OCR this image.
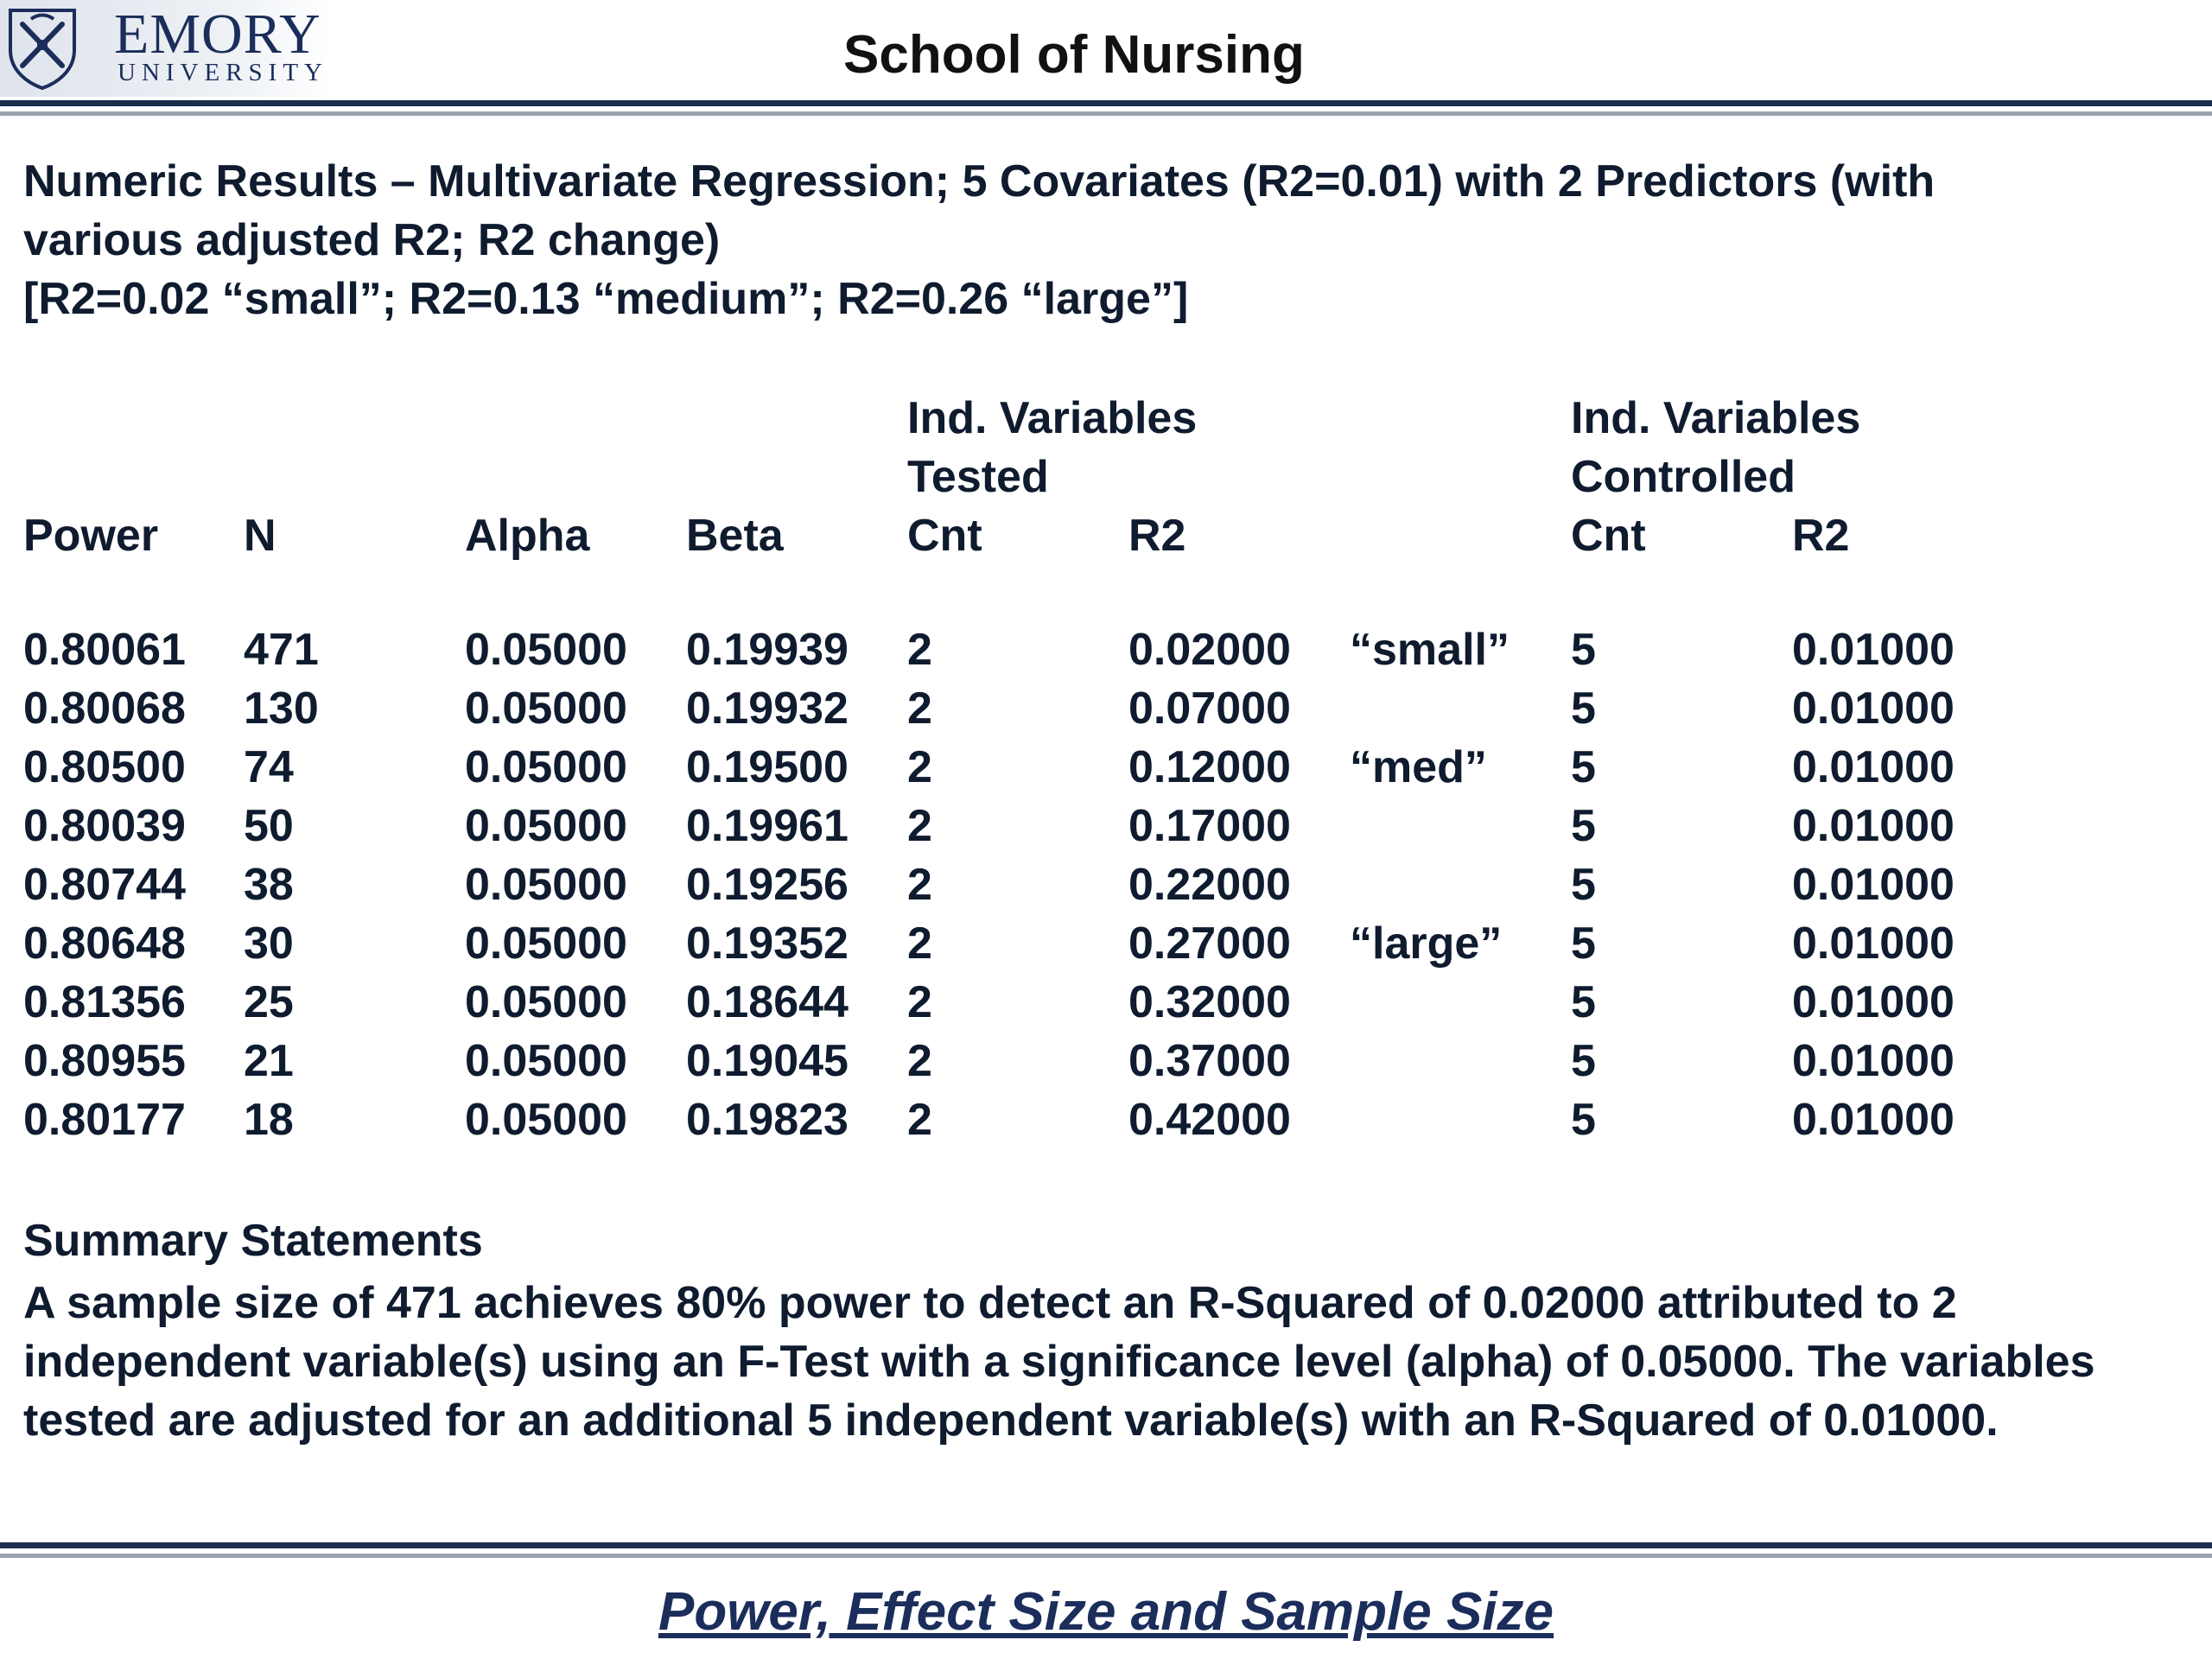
EMORY
UNIVERSITY	School of Nursing
Numeric Results – Multivariate Regression; 5 Covariates (R2=0.01) with 2 Predictors (with
various adjusted R2; R2 change)
[R2=0.02 “small”; R2=0.13 “medium”; R2=0.26 “large”]
Ind. Variables
Tested
Ind. Variables
Controlled
Power N	Alpha Beta	Cnt	R2	Cnt	R2
0.80061 471	0.05000 0.19939 2	0.02000 “small” 5	0.01000
0.80068 130	0.05000 0.19932 2	0.07000	5	0.01000
0.80500 74	0.05000 0.19500 2	0.12000 “med” 5	0.01000
0.80039 50	0.05000 0.19961 2	0.17000	5	0.01000
0.80744 38	0.05000 0.19256 2	0.22000	5	0.01000
0.80648 30	0.05000 0.19352 2	0.27000 “large” 5	0.01000
0.81356 25	0.05000 0.18644 2	0.32000	5	0.01000
0.80955 21	0.05000 0.19045 2	0.37000	5	0.01000
0.80177 18	0.05000 0.19823 2	0.42000	5	0.01000
Summary Statements
A sample size of 471 achieves 80% power to detect an R-Squared of 0.02000 attributed to 2 independent variable(s) using an F-Test with a significance level (alpha) of 0.05000. The variables tested are adjusted for an additional 5 independent variable(s) with an R-Squared of 0.01000.
Power, Effect Size and Sample Size
